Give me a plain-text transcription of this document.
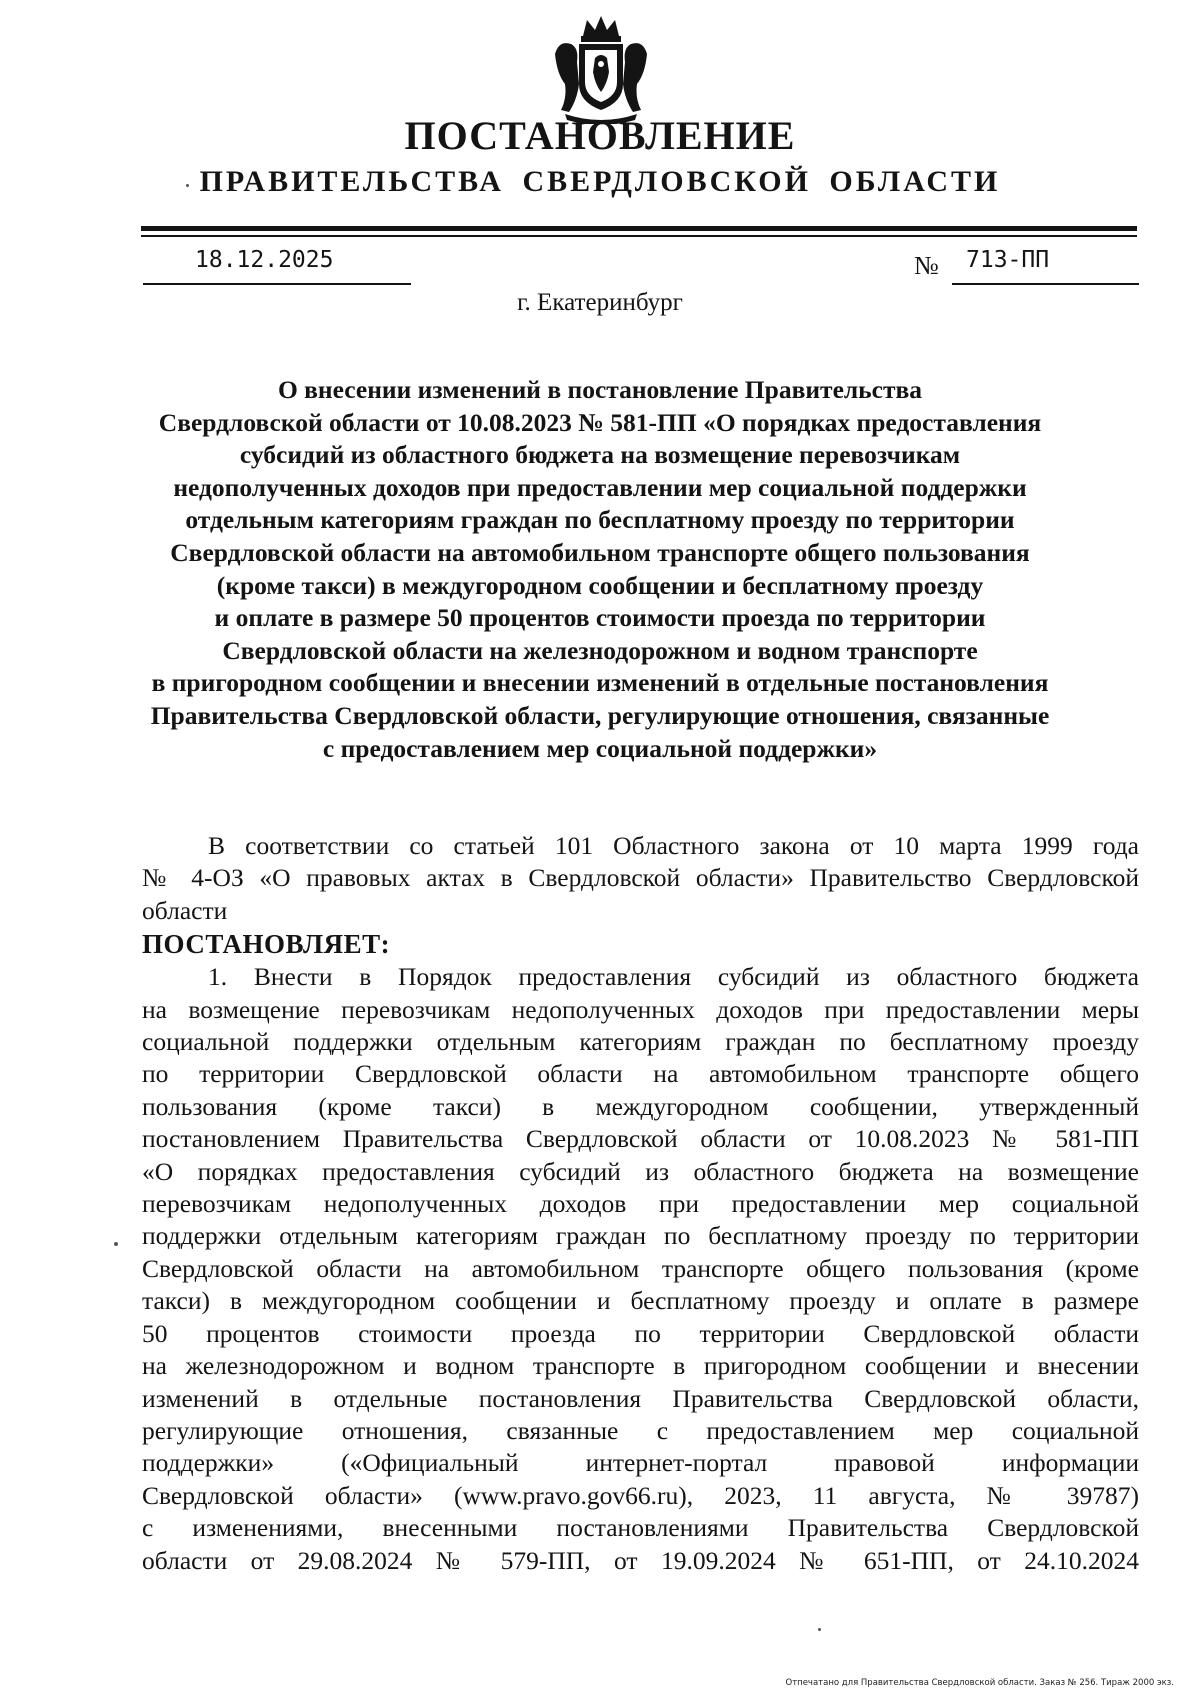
ПОСТАНОВЛЕНИЕ
ПРАВИТЕЛЬСТВА СВЕРДЛОВСКОЙ ОБЛАСТИ
18.12.2025	№ 713-ПП
г. Екатеринбург
О внесении изменений в постановление Правительства
Свердловской области от 10.08.2023 № 581-ПП «О порядках предоставления
субсидий из областного бюджета на возмещение перевозчикам
недополученных доходов при предоставлении мер социальной поддержки
отдельным категориям граждан по бесплатному проезду по территории
Свердловской области на автомобильном транспорте общего пользования
(кроме такси) в междугородном сообщении и бесплатному проезду
и оплате в размере 50 процентов стоимости проезда по территории
Свердловской области на железнодорожном и водном транспорте
в пригородном сообщении и внесении изменений в отдельные постановления
Правительства Свердловской области, регулирующие отношения, связанные
с предоставлением мер социальной поддержки»
В соответствии со статьей 101 Областного закона от 10 марта 1999 года
№ 4-ОЗ «О правовых актах в Свердловской области» Правительство Свердловской
области
ПОСТАНОВЛЯЕТ:
1. Внести в Порядок предоставления субсидий из областного бюджета
на возмещение перевозчикам недополученных доходов при предоставлении меры
социальной поддержки отдельным категориям граждан по бесплатному проезду
по территории Свердловской области на автомобильном транспорте общего
пользования (кроме такси) в междугородном сообщении, утвержденный
постановлением Правительства Свердловской области от 10.08.2023 № 581-ПП
«О порядках предоставления субсидий из областного бюджета на возмещение
перевозчикам недополученных доходов при предоставлении мер социальной
поддержки отдельным категориям граждан по бесплатному проезду по территории
Свердловской области на автомобильном транспорте общего пользования (кроме
такси) в междугородном сообщении и бесплатному проезду и оплате в размере
50 процентов стоимости проезда по территории Свердловской области
на железнодорожном и водном транспорте в пригородном сообщении и внесении
изменений в отдельные постановления Правительства Свердловской области,
регулирующие отношения, связанные с предоставлением мер социальной
поддержки» («Официальный интернет-портал правовой информации
Свердловской области» (www.pravo.gov66.ru), 2023, 11 августа, № 39787)
с изменениями, внесенными постановлениями Правительства Свердловской
области от 29.08.2024 № 579-ПП, от 19.09.2024 № 651-ПП, от 24.10.2024
Отпечатано для Правительства Свердловской области. Заказ № 256. Тираж 2000 экз.
